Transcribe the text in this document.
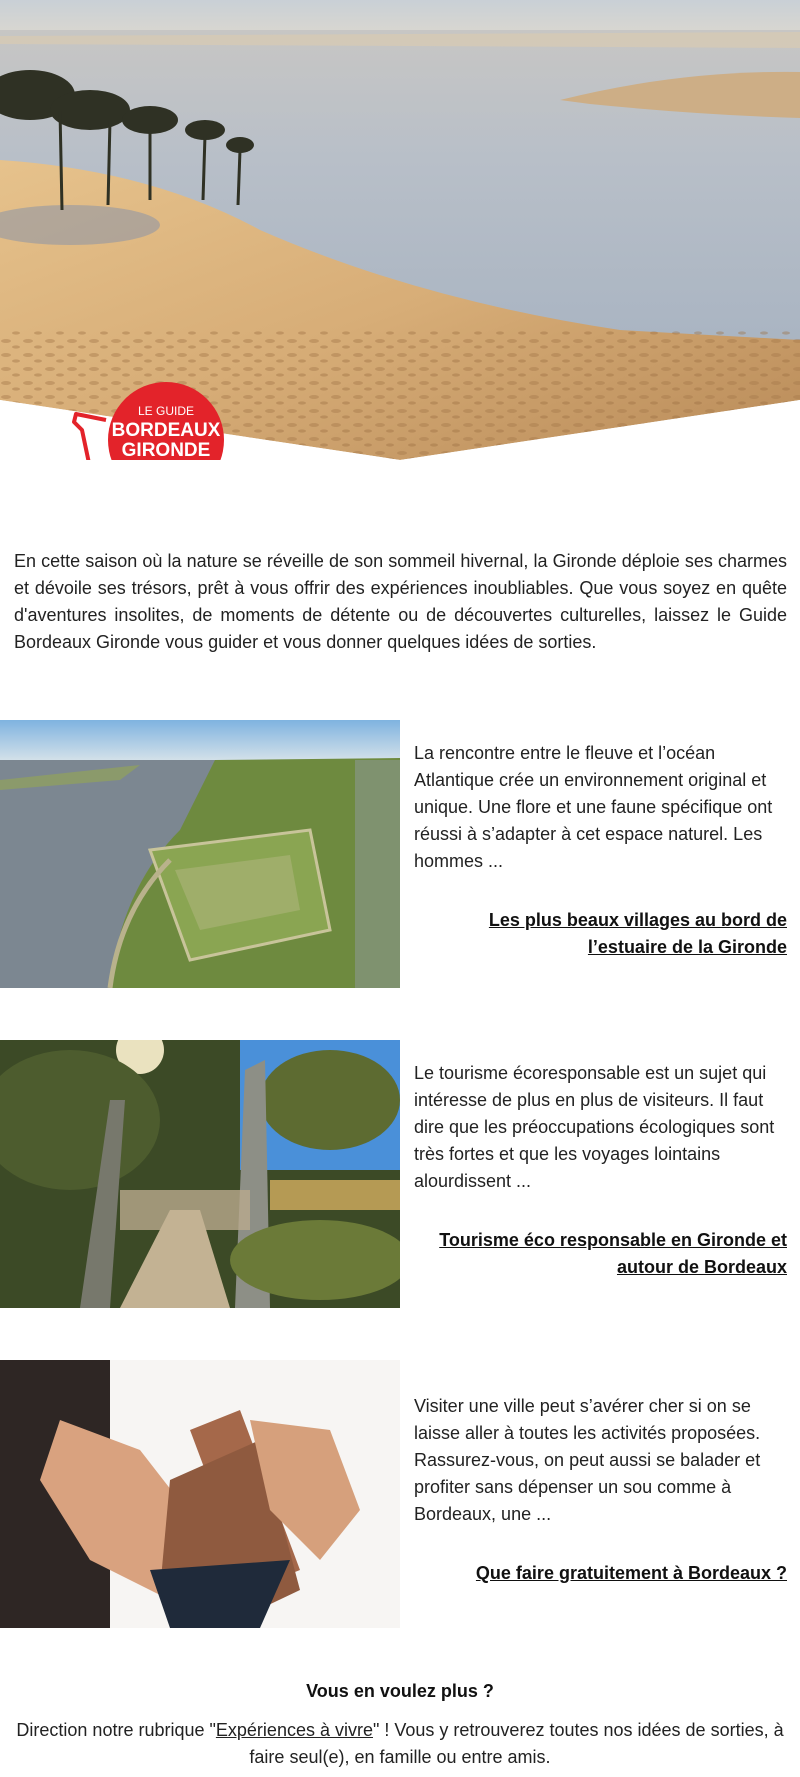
LE GUIDE
BORDEAUX
GIRONDE
.com

En cette saison où la nature se réveille de son sommeil hivernal, la Gironde déploie ses charmes et dévoile ses trésors, prêt à vous offrir des expériences inoubliables. Que vous soyez en quête d'aventures insolites, de moments de détente ou de découvertes culturelles, laissez le Guide Bordeaux Gironde vous guider et vous donner quelques idées de sorties.

La rencontre entre le fleuve et l’océan Atlantique crée un environnement original et unique. Une flore et une faune spécifique ont réussi à s’adapter à cet espace naturel. Les hommes ...

Les plus beaux villages au bord de l’estuaire de la Gironde

Le tourisme écoresponsable est un sujet qui intéresse de plus en plus de visiteurs. Il faut dire que les préoccupations écologiques sont très fortes et que les voyages lointains alourdissent ...

Tourisme éco responsable en Gironde et autour de Bordeaux

Visiter une ville peut s’avérer cher si on se laisse aller à toutes les activités proposées. Rassurez-vous, on peut aussi se balader et profiter sans dépenser un sou comme à Bordeaux, une ...

Que faire gratuitement à Bordeaux ?
Vous en voulez plus ?

Direction notre rubrique "Expériences à vivre" ! Vous y retrouverez toutes nos idées de sorties, à faire seul(e), en famille ou entre amis.
